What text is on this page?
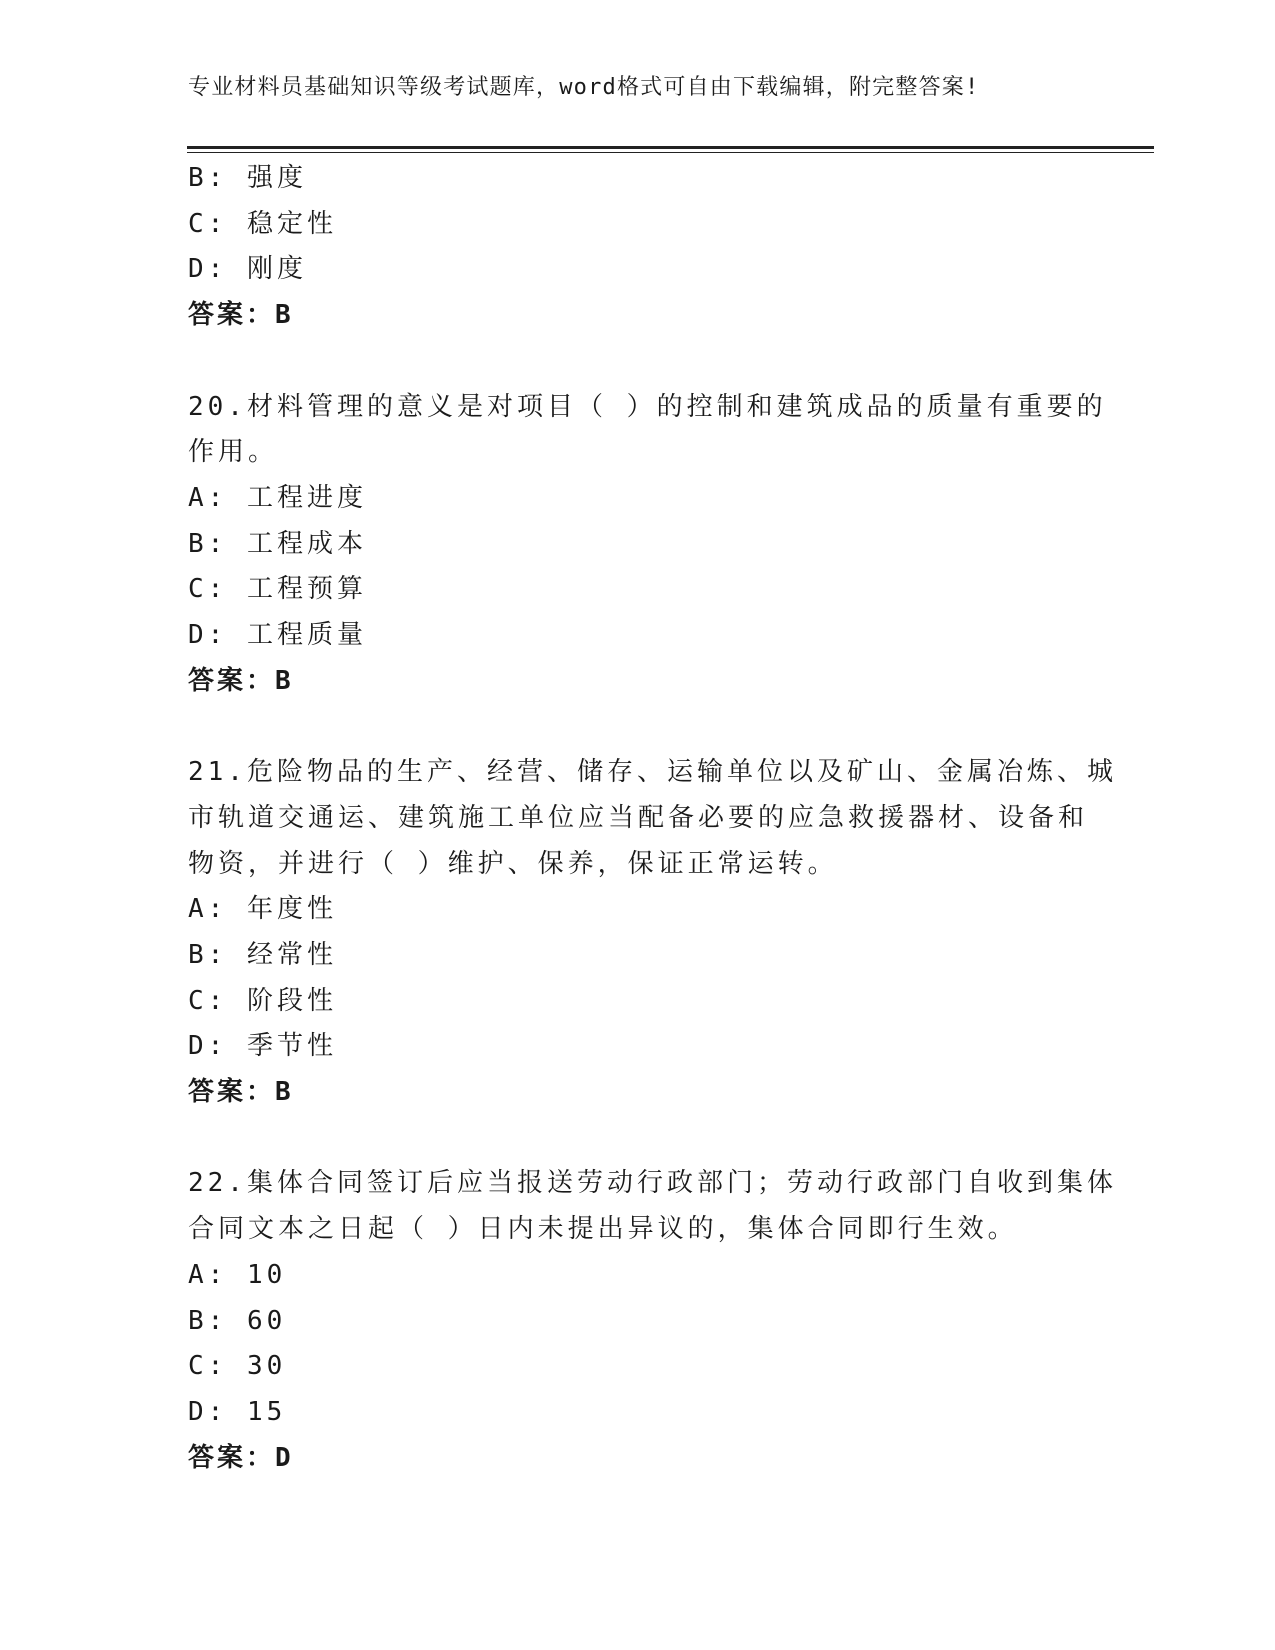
专业材料员基础知识等级考试题库，word格式可自由下载编辑，附完整答案!
B: 强度
C: 稳定性
D: 刚度
答案：B
20.材料管理的意义是对项目（ ）的控制和建筑成品的质量有重要的
作用。
A: 工程进度
B: 工程成本
C: 工程预算
D: 工程质量
答案：B
21.危险物品的生产、经营、储存、运输单位以及矿山、金属冶炼、城
市轨道交通运、建筑施工单位应当配备必要的应急救援器材、设备和
物资，并进行（ ）维护、保养，保证正常运转。
A: 年度性
B: 经常性
C: 阶段性
D: 季节性
答案：B
22.集体合同签订后应当报送劳动行政部门；劳动行政部门自收到集体
合同文本之日起（ ）日内未提出异议的，集体合同即行生效。
A: 10
B: 60
C: 30
D: 15
答案：D
